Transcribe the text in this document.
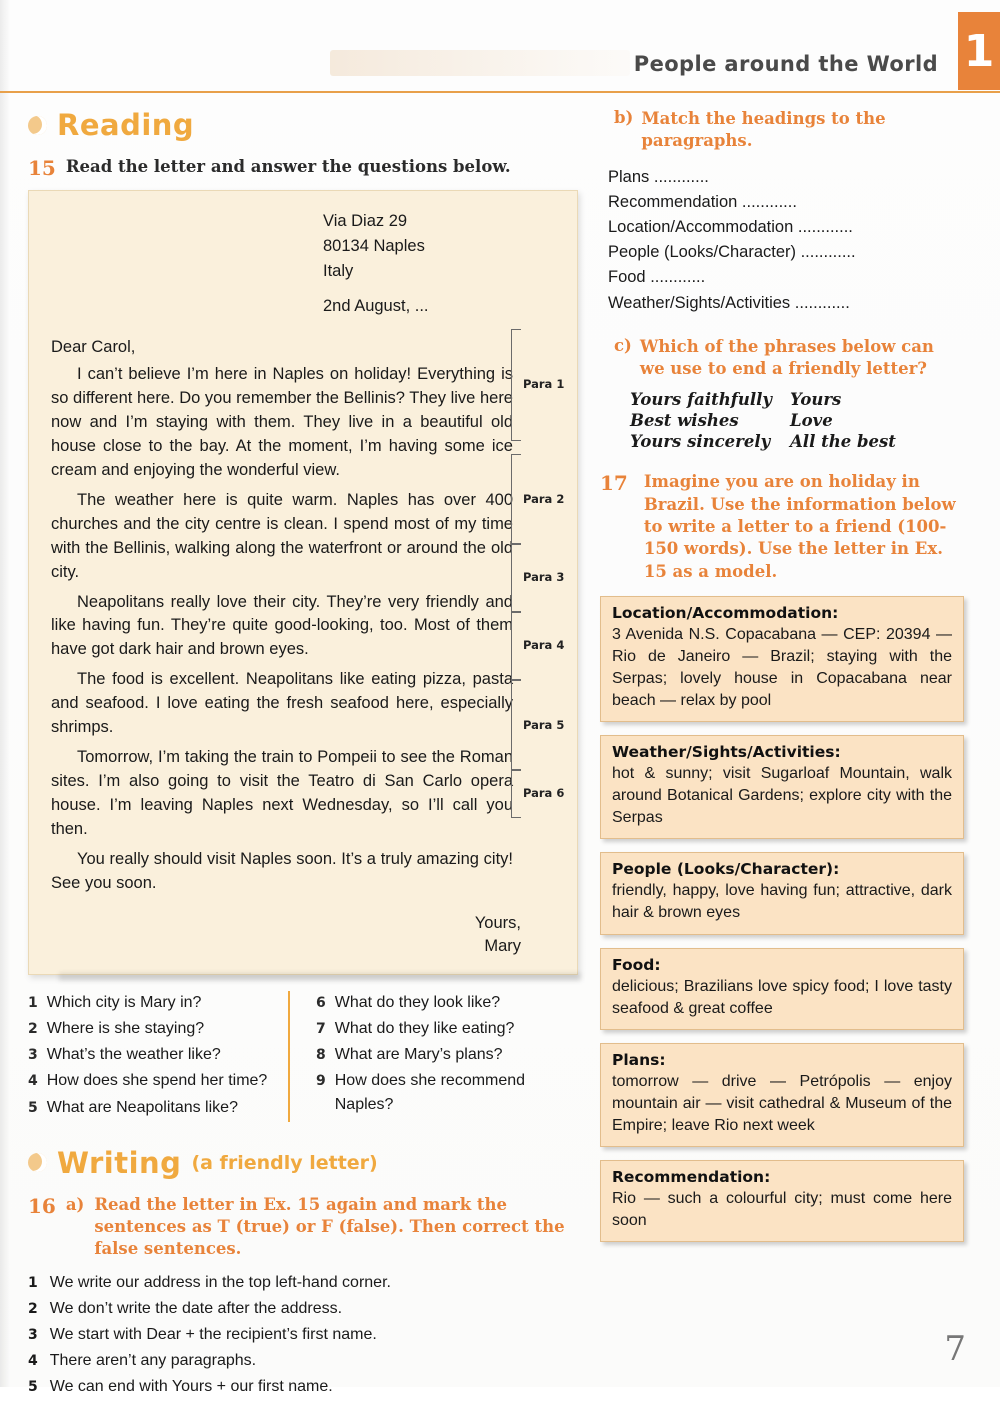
People around the World 1
Reading
15 Read the letter and answer the questions below.
Via Diaz 29
80134 Naples
Italy
2nd August, ...
Dear Carol,

I can’t believe I’m here in Naples on holiday! Everything is so different here. Do you remember the Bellinis? They live here now and I’m staying with them. They live in a beautiful old house close to the bay. At the moment, I’m having some ice cream and enjoying the wonderful view.

The weather here is quite warm. Naples has over 400 churches and the city centre is clean. I spend most of my time with the Bellinis, walking along the waterfront or around the old city.

Neapolitans really love their city. They’re very friendly and like having fun. They’re quite good-looking, too. Most of them have got dark hair and brown eyes.

The food is excellent. Neapolitans like eating pizza, pasta and seafood. I love eating the fresh seafood here, especially shrimps.

Tomorrow, I’m taking the train to Pompeii to see the Roman sites. I’m also going to visit the Teatro di San Carlo opera house. I’m leaving Naples next Wednesday, so I’ll call you then.

You really should visit Naples soon. It’s a truly amazing city! See you soon.

Yours,
Mary
Para 1
Para 2
Para 3
Para 4
Para 5
Para 6
1 Which city is Mary in?
2 Where is she staying?
3 What’s the weather like?
4 How does she spend her time?
5 What are Neapolitans like?
6 What do they look like?
7 What do they like eating?
8 What are Mary’s plans?
9 How does she recommend Naples?
Writing (a friendly letter)
16 a) Read the letter in Ex. 15 again and mark the sentences as T (true) or F (false). Then correct the false sentences.
1 We write our address in the top left-hand corner.
2 We don’t write the date after the address.
3 We start with Dear + the recipient’s first name.
4 There aren’t any paragraphs.
5 We can end with Yours + our first name.
b) Match the headings to the paragraphs.
Plans ............
Recommendation ............
Location/Accommodation ............
People (Looks/Character) ............
Food ............
Weather/Sights/Activities ............
c) Which of the phrases below can we use to end a friendly letter?
Yours faithfully	Yours
Best wishes	Love
Yours sincerely	All the best
17 Imagine you are on holiday in Brazil. Use the information below to write a letter to a friend (100-150 words). Use the letter in Ex. 15 as a model.
Location/Accommodation:
3 Avenida N.S. Copacabana — CEP: 20394 — Rio de Janeiro — Brazil; staying with the Serpas; lovely house in Copacabana near beach — relax by pool
Weather/Sights/Activities:
hot & sunny; visit Sugarloaf Mountain, walk around Botanical Gardens; explore city with the Serpas
People (Looks/Character):
friendly, happy, love having fun; attractive, dark hair & brown eyes
Food:
delicious; Brazilians love spicy food; I love tasty seafood & great coffee
Plans:
tomorrow — drive — Petrópolis — enjoy mountain air — visit cathedral & Museum of the Empire; leave Rio next week
Recommendation:
Rio — such a colourful city; must come here soon
7
